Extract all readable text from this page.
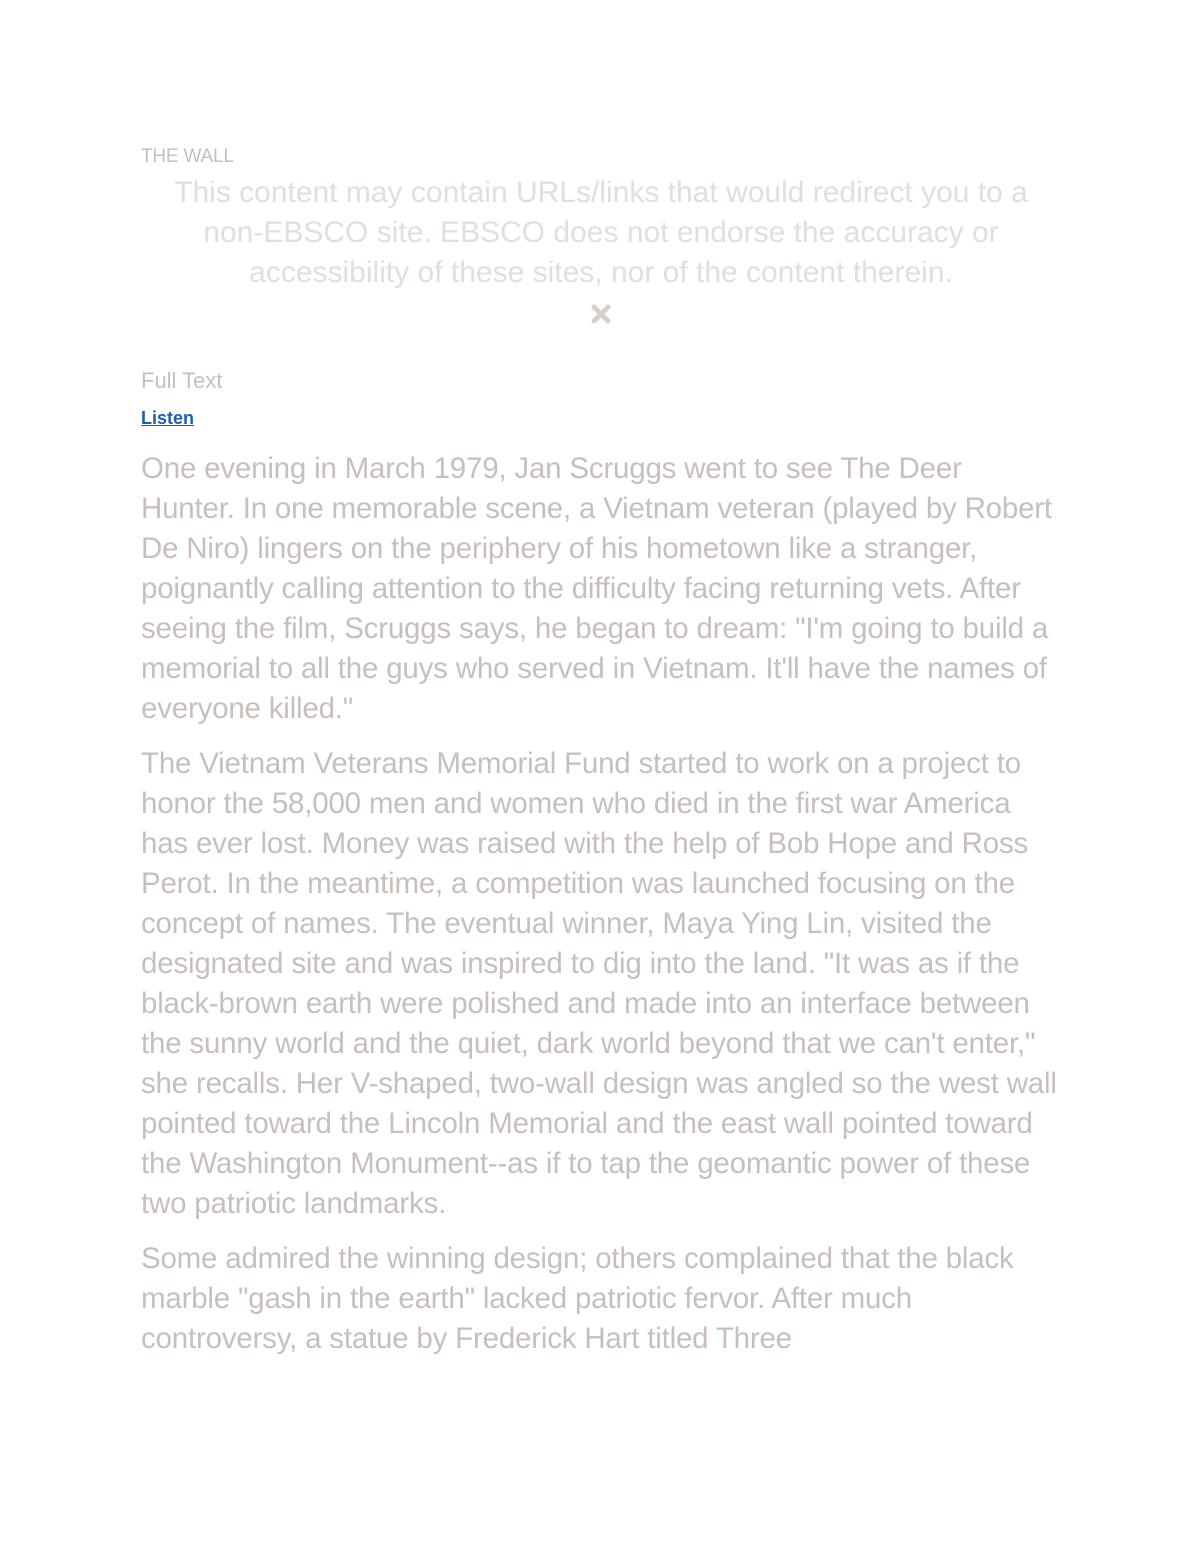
THE WALL
This content may contain URLs/links that would redirect you to a non-EBSCO site. EBSCO does not endorse the accuracy or accessibility of these sites, nor of the content therein.
Full Text
Listen

One evening in March 1979, Jan Scruggs went to see The Deer Hunter. In one memorable scene, a Vietnam veteran (played by Robert De Niro) lingers on the periphery of his hometown like a stranger, poignantly calling attention to the difficulty facing returning vets. After seeing the film, Scruggs says, he began to dream: "I'm going to build a memorial to all the guys who served in Vietnam. It'll have the names of everyone killed."

The Vietnam Veterans Memorial Fund started to work on a project to honor the 58,000 men and women who died in the first war America has ever lost. Money was raised with the help of Bob Hope and Ross Perot. In the meantime, a competition was launched focusing on the concept of names. The eventual winner, Maya Ying Lin, visited the designated site and was inspired to dig into the land. "It was as if the black-brown earth were polished and made into an interface between the sunny world and the quiet, dark world beyond that we can't enter," she recalls. Her V-shaped, two-wall design was angled so the west wall pointed toward the Lincoln Memorial and the east wall pointed toward the Washington Monument--as if to tap the geomantic power of these two patriotic landmarks.

Some admired the winning design; others complained that the black marble "gash in the earth" lacked patriotic fervor. After much controversy, a statue by Frederick Hart titled Three
